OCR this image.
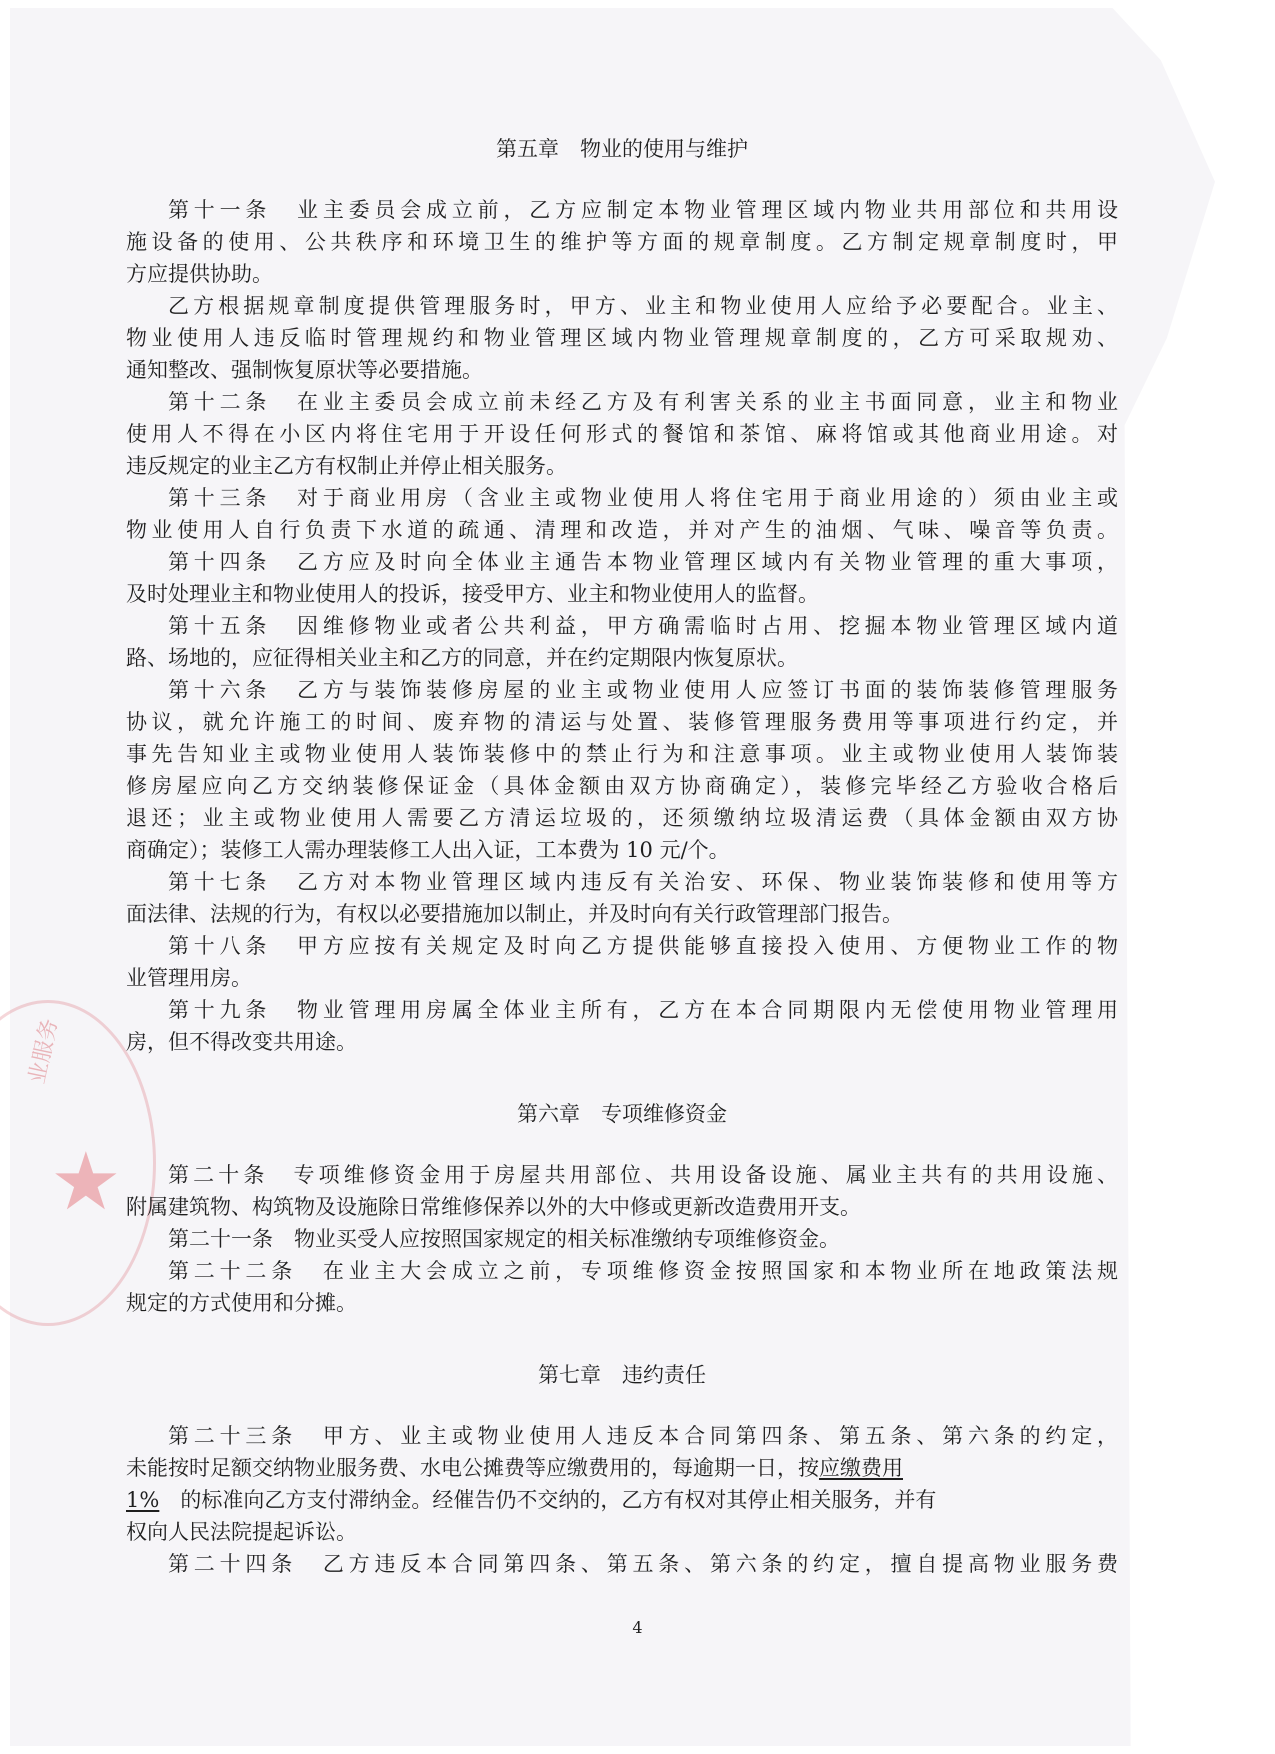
业服务
★
第五章　物业的使用与维护
第十一条　业主委员会成立前，乙方应制定本物业管理区域内物业共用部位和共用设
施设备的使用、公共秩序和环境卫生的维护等方面的规章制度。乙方制定规章制度时，甲
方应提供协助。
乙方根据规章制度提供管理服务时，甲方、业主和物业使用人应给予必要配合。业主、
物业使用人违反临时管理规约和物业管理区域内物业管理规章制度的，乙方可采取规劝、
通知整改、强制恢复原状等必要措施。
第十二条　在业主委员会成立前未经乙方及有利害关系的业主书面同意，业主和物业
使用人不得在小区内将住宅用于开设任何形式的餐馆和茶馆、麻将馆或其他商业用途。对
违反规定的业主乙方有权制止并停止相关服务。
第十三条　对于商业用房（含业主或物业使用人将住宅用于商业用途的）须由业主或
物业使用人自行负责下水道的疏通、清理和改造，并对产生的油烟、气味、噪音等负责。
第十四条　乙方应及时向全体业主通告本物业管理区域内有关物业管理的重大事项，
及时处理业主和物业使用人的投诉，接受甲方、业主和物业使用人的监督。
第十五条　因维修物业或者公共利益，甲方确需临时占用、挖掘本物业管理区域内道
路、场地的，应征得相关业主和乙方的同意，并在约定期限内恢复原状。
第十六条　乙方与装饰装修房屋的业主或物业使用人应签订书面的装饰装修管理服务
协议，就允许施工的时间、废弃物的清运与处置、装修管理服务费用等事项进行约定，并
事先告知业主或物业使用人装饰装修中的禁止行为和注意事项。业主或物业使用人装饰装
修房屋应向乙方交纳装修保证金（具体金额由双方协商确定），装修完毕经乙方验收合格后
退还；业主或物业使用人需要乙方清运垃圾的，还须缴纳垃圾清运费（具体金额由双方协
商确定）；装修工人需办理装修工人出入证，工本费为 10 元/个。
第十七条　乙方对本物业管理区域内违反有关治安、环保、物业装饰装修和使用等方
面法律、法规的行为，有权以必要措施加以制止，并及时向有关行政管理部门报告。
第十八条　甲方应按有关规定及时向乙方提供能够直接投入使用、方便物业工作的物
业管理用房。
第十九条　物业管理用房属全体业主所有，乙方在本合同期限内无偿使用物业管理用
房，但不得改变共用途。
第六章　专项维修资金
第二十条　专项维修资金用于房屋共用部位、共用设备设施、属业主共有的共用设施、
附属建筑物、构筑物及设施除日常维修保养以外的大中修或更新改造费用开支。
第二十一条　物业买受人应按照国家规定的相关标准缴纳专项维修资金。
第二十二条　在业主大会成立之前，专项维修资金按照国家和本物业所在地政策法规
规定的方式使用和分摊。
第七章　违约责任
第二十三条　甲方、业主或物业使用人违反本合同第四条、第五条、第六条的约定，
未能按时足额交纳物业服务费、水电公摊费等应缴费用的，每逾期一日，按应缴费用
1%　 的标准向乙方支付滞纳金。经催告仍不交纳的，乙方有权对其停止相关服务，并有
权向人民法院提起诉讼。
第二十四条　乙方违反本合同第四条、第五条、第六条的约定，擅自提高物业服务费
4
